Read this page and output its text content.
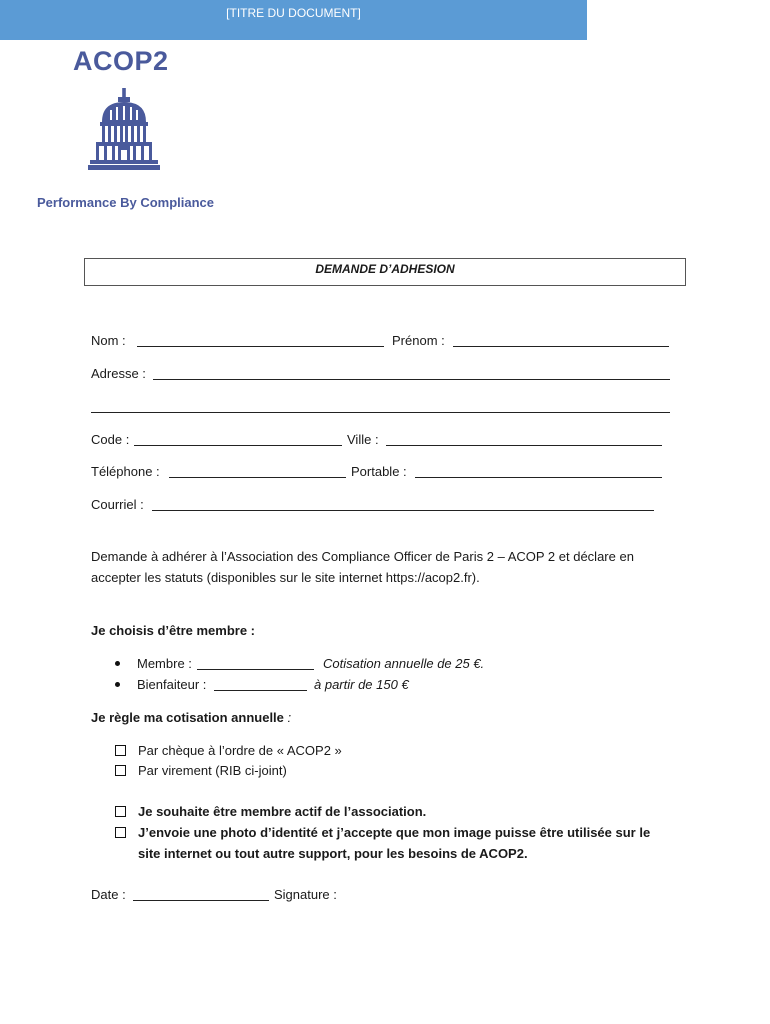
[TITRE DU DOCUMENT]
ACOP2
Performance By Compliance
DEMANDE D’ADHESION
Nom :	Prénom :
Adresse :
Code :	Ville :
Téléphone :	Portable :
Courriel :
Demande à adhérer à l’Association des Compliance Officer de Paris 2 – ACOP 2 et déclare en
accepter les statuts (disponibles sur le site internet https://acop2.fr).
Je choisis d’être membre :
Membre :	Cotisation annuelle de 25 €.
Bienfaiteur :	à partir de 150 €
Je règle ma cotisation annuelle :
Par chèque à l’ordre de « ACOP2 »
Par virement (RIB ci-joint)
Je souhaite être membre actif de l’association.
J’envoie une photo d’identité et j’accepte que mon image puisse être utilisée sur le
site internet ou tout autre support, pour les besoins de ACOP2.
Date :	Signature :
